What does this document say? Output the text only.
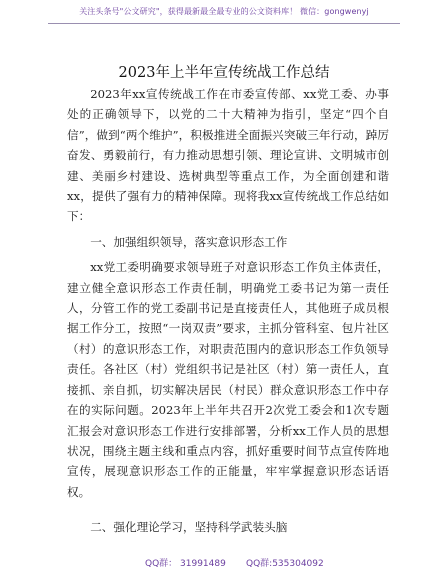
关注头条号"公文研究"，获得最新最全最专业的公文资料库！ 微信：gongwenyj
2023年上半年宣传统战工作总结

2023年xx宣传统战工作在市委宣传部、xx党工委、办事处的正确领导下，以党的二十大精神为指引，坚定“四个自信”，做到“两个维护”，积极推进全面振兴突破三年行动，踔厉奋发、勇毅前行，有力推动思想引领、理论宣讲、文明城市创建、美丽乡村建设、选树典型等重点工作，为全面创建和谐xx，提供了强有力的精神保障。现将我xx宣传统战工作总结如下：

一、加强组织领导，落实意识形态工作

xx党工委明确要求领导班子对意识形态工作负主体责任，建立健全意识形态工作责任制，明确党工委书记为第一责任人，分管工作的党工委副书记是直接责任人，其他班子成员根据工作分工，按照“一岗双责”要求，主抓分管科室、包片社区（村）的意识形态工作，对职责范围内的意识形态工作负领导责任。各社区（村）党组织书记是社区（村）第一责任人，直接抓、亲自抓，切实解决居民（村民）群众意识形态工作中存在的实际问题。2023年上半年共召开2次党工委会和1次专题汇报会对意识形态工作进行安排部署，分析xx工作人员的思想状况，围绕主题主线和重点内容，抓好重要时间节点宣传阵地宣传，展现意识形态工作的正能量，牢牢掌握意识形态话语权。

二、强化理论学习，坚持科学武装头脑

QQ群： 31991489 QQ群:535304092
